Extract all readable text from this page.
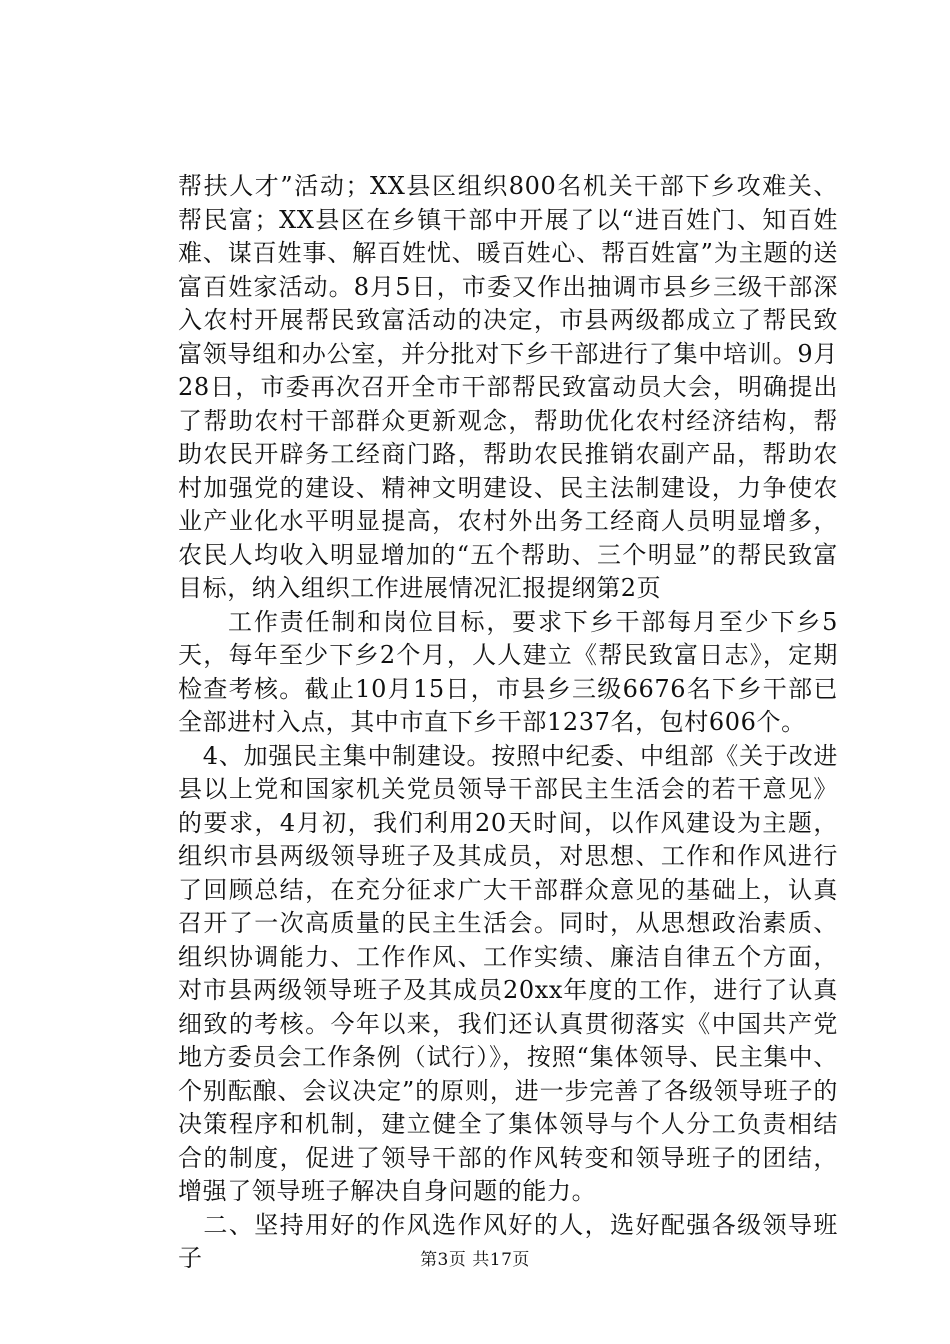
帮扶人才”活动；XX县区组织800名机关干部下乡攻难关、帮民富；XX县区在乡镇干部中开展了以“进百姓门、知百姓难、谋百姓事、解百姓忧、暖百姓心、帮百姓富”为主题的送富百姓家活动。8月5日，市委又作出抽调市县乡三级干部深入农村开展帮民致富活动的决定，市县两级都成立了帮民致富领导组和办公室，并分批对下乡干部进行了集中培训。9月28日，市委再次召开全市干部帮民致富动员大会，明确提出了帮助农村干部群众更新观念，帮助优化农村经济结构，帮助农民开辟务工经商门路，帮助农民推销农副产品，帮助农村加强党的建设、精神文明建设、民主法制建设，力争使农业产业化水平明显提高，农村外出务工经商人员明显增多，农民人均收入明显增加的“五个帮助、三个明显”的帮民致富目标，纳入组织工作进展情况汇报提纲第2页

工作责任制和岗位目标，要求下乡干部每月至少下乡5天，每年至少下乡2个月，人人建立《帮民致富日志》，定期检查考核。截止10月15日，市县乡三级6676名下乡干部已全部进村入点，其中市直下乡干部1237名，包村606个。

　4、加强民主集中制建设。按照中纪委、中组部《关于改进县以上党和国家机关党员领导干部民主生活会的若干意见》的要求，4月初，我们利用20天时间，以作风建设为主题，组织市县两级领导班子及其成员，对思想、工作和作风进行了回顾总结，在充分征求广大干部群众意见的基础上，认真召开了一次高质量的民主生活会。同时，从思想政治素质、组织协调能力、工作作风、工作实绩、廉洁自律五个方面，对市县两级领导班子及其成员20xx年度的工作，进行了认真细致的考核。今年以来，我们还认真贯彻落实《中国共产党地方委员会工作条例（试行）》，按照“集体领导、民主集中、个别酝酿、会议决定”的原则，进一步完善了各级领导班子的决策程序和机制，建立健全了集体领导与个人分工负责相结合的制度，促进了领导干部的作风转变和领导班子的团结，增强了领导班子解决自身问题的能力。

　二、坚持用好的作风选作风好的人，选好配强各级领导班子	第3页 共17页
